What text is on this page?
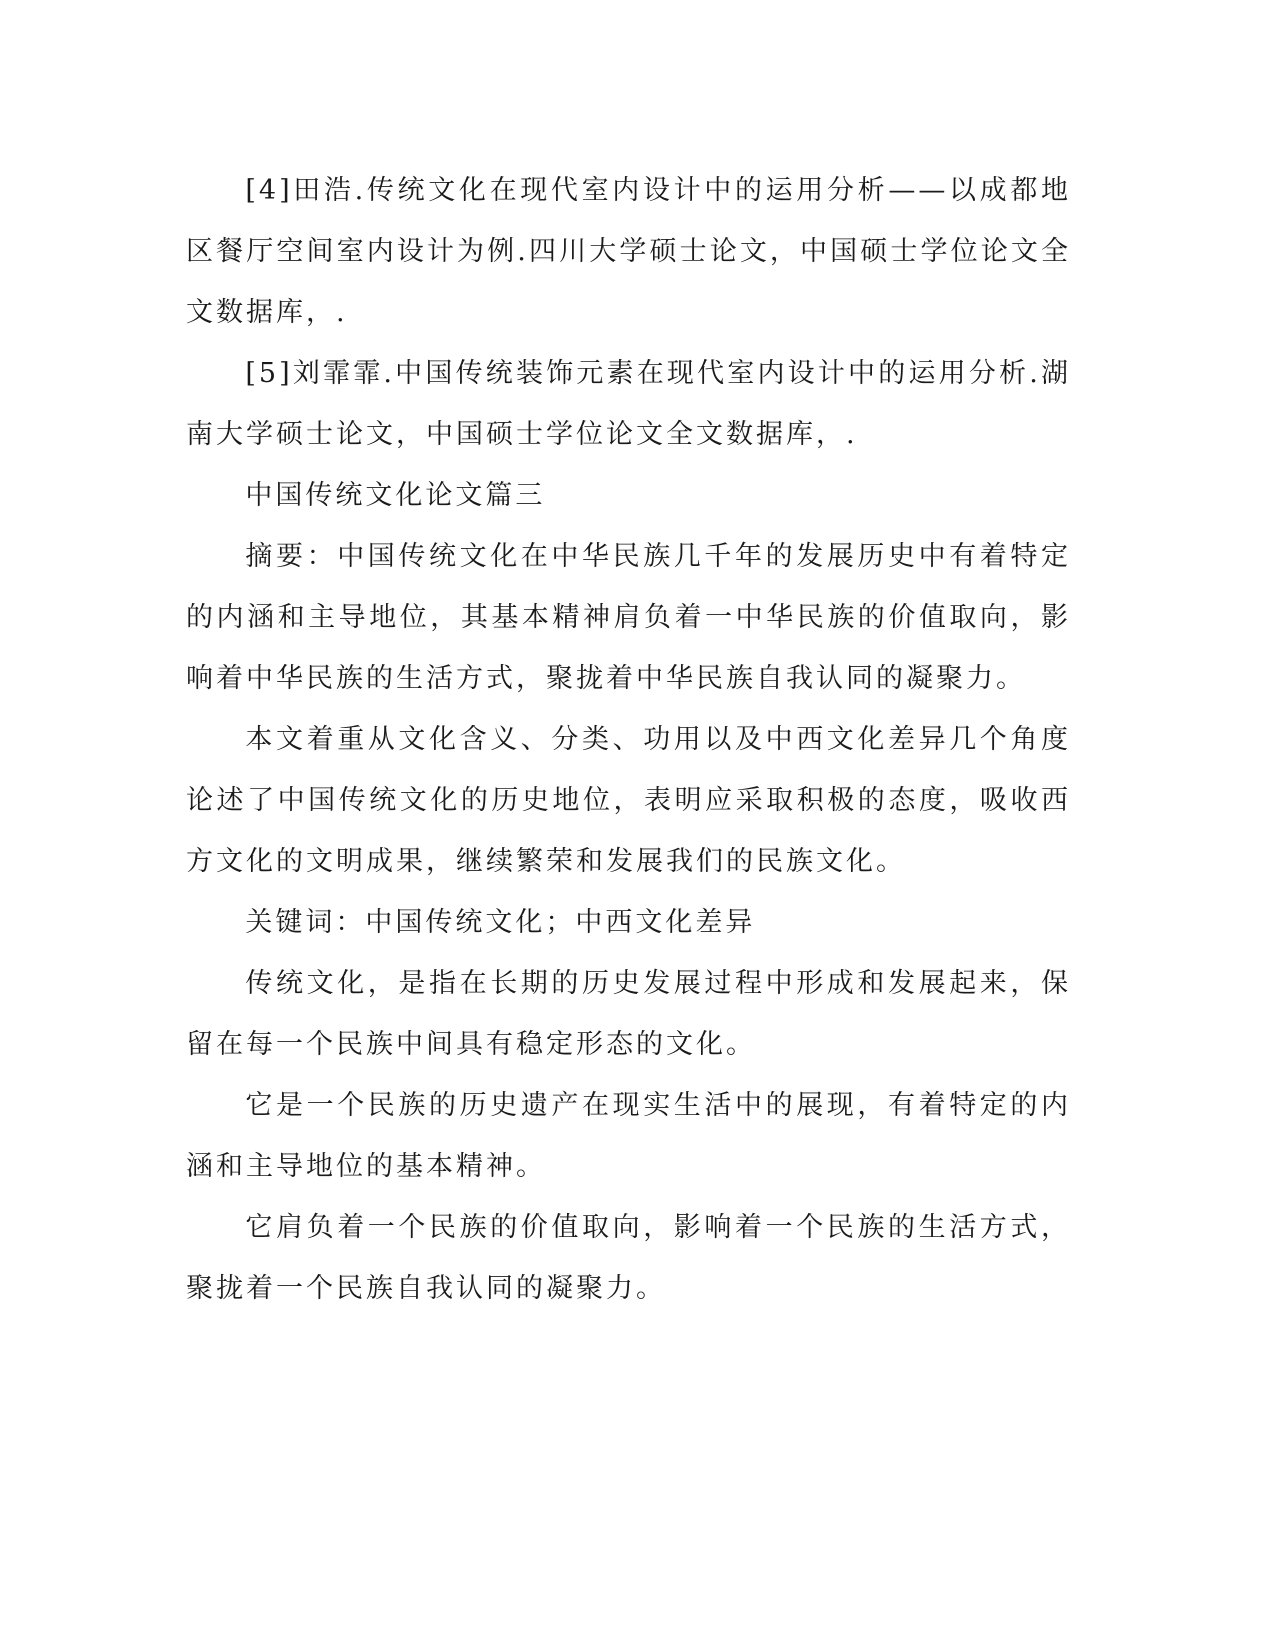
[4]田浩.传统文化在现代室内设计中的运用分析——以成都地区餐厅空间室内设计为例.四川大学硕士论文，中国硕士学位论文全文数据库，.

[5]刘霏霏.中国传统装饰元素在现代室内设计中的运用分析.湖南大学硕士论文，中国硕士学位论文全文数据库，.

中国传统文化论文篇三

摘要：中国传统文化在中华民族几千年的发展历史中有着特定的内涵和主导地位，其基本精神肩负着一中华民族的价值取向，影响着中华民族的生活方式，聚拢着中华民族自我认同的凝聚力。

本文着重从文化含义、分类、功用以及中西文化差异几个角度论述了中国传统文化的历史地位，表明应采取积极的态度，吸收西方文化的文明成果，继续繁荣和发展我们的民族文化。

关键词：中国传统文化；中西文化差异

传统文化，是指在长期的历史发展过程中形成和发展起来，保留在每一个民族中间具有稳定形态的文化。

它是一个民族的历史遗产在现实生活中的展现，有着特定的内涵和主导地位的基本精神。

它肩负着一个民族的价值取向，影响着一个民族的生活方式，聚拢着一个民族自我认同的凝聚力。
